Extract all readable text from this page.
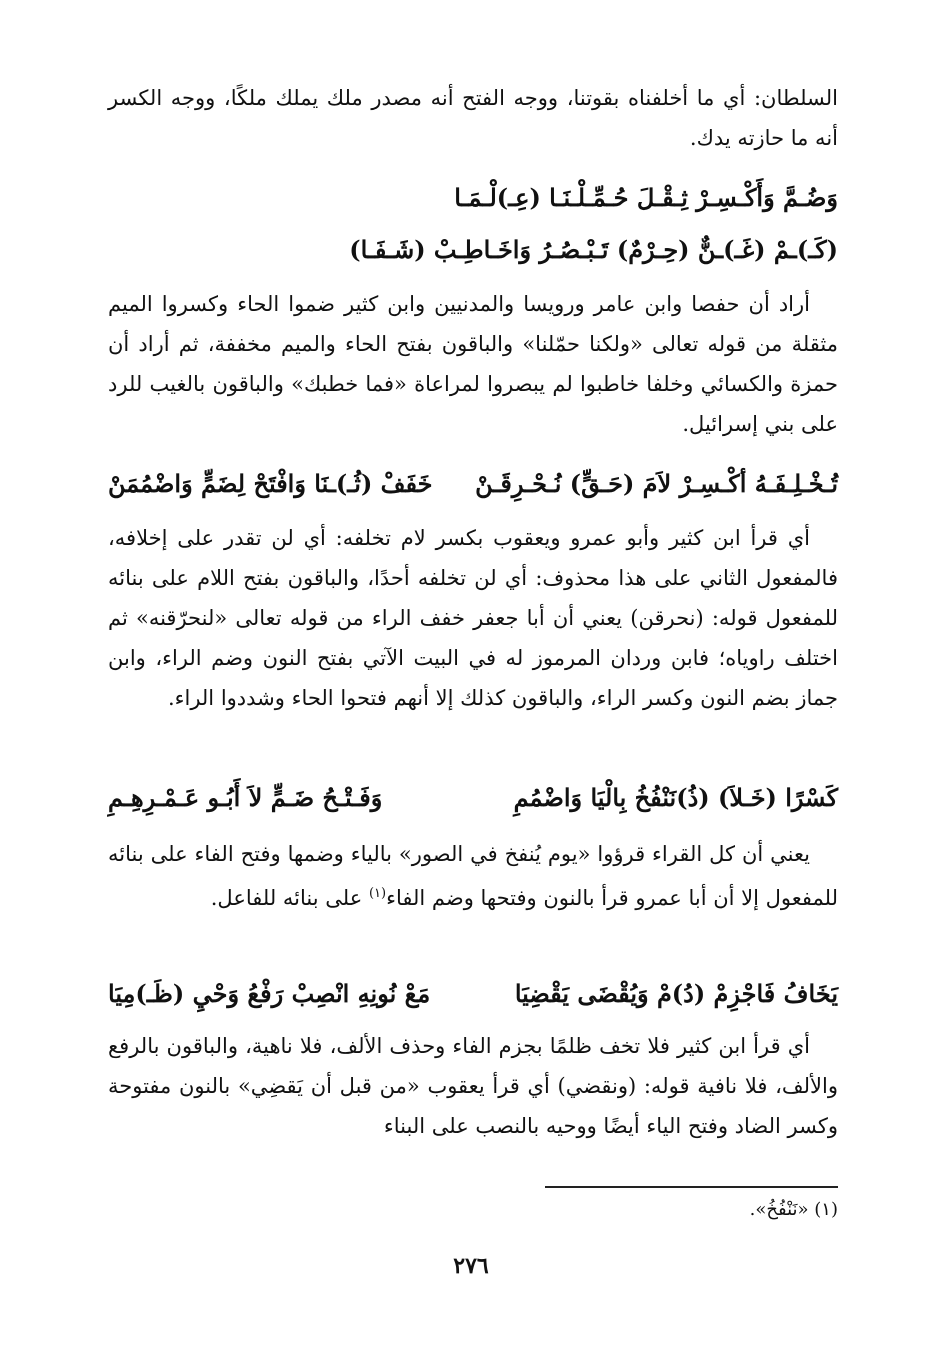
السلطان: أي ما أخلفناه بقوتنا، ووجه الفتح أنه مصدر ملك يملك ملكًا، ووجه الكسر أنه ما حازته يدك.
وَضُـمَّ وَأَكْـسِـرْ ثِـقْـلَ حُـمِّـلْـنَـا (عِـ)لْـمَـا
(كَـ)ـمْ (غَـ)ـنٌّ (حِـرْمٌ) تَـبْـصُـرُ وَاخَـاطِـبْ (شَـفَـا)
أراد أن حفصا وابن عامر ورويسا والمدنيين وابن كثير ضموا الحاء وكسروا الميم مثقلة من قوله تعالى «ولكنا حمّلنا» والباقون بفتح الحاء والميم مخففة، ثم أراد أن حمزة والكسائي وخلفا خاطبوا لم يبصروا لمراعاة «فما خطبك» والباقون بالغيب للرد على بني إسرائيل.
تُـخْـلِـفَـهُ أكْـسِـرْ لاَمَ (حَـقٍّ) نُـحْـرِقَـنْ
خَفَفْ (ثُـ)ـنَا وَافْتَحْ لِضَمٍّ وَاضْمُمَنْ
أي قرأ ابن كثير وأبو عمرو ويعقوب بكسر لام تخلفه: أي لن تقدر على إخلافه، فالمفعول الثاني على هذا محذوف: أي لن تخلفه أحدًا، والباقون بفتح اللام على بنائه للمفعول قوله: (نحرقن) يعني أن أبا جعفر خفف الراء من قوله تعالى «لنحرّقنه» ثم اختلف راوياه؛ فابن وردان المرموز له في البيت الآتي بفتح النون وضم الراء، وابن جماز بضم النون وكسر الراء، والباقون كذلك إلا أنهم فتحوا الحاء وشددوا الراء.
كَسْرًا (خَـلاَ) (ذُ)نَنْفُخُ بِالْيَا وَاضْمُمِ
وَفَـتْـحُ ضَـمٍّ لاَ أَبُـو عَـمْـرِهِـمِ
يعني أن كل القراء قرؤوا «يوم يُنفخ في الصور» بالياء وضمها وفتح الفاء على بنائه للمفعول إلا أن أبا عمرو قرأ بالنون وفتحها وضم الفاء$^{(١)}$ على بنائه للفاعل.
يَخَافُ فَاجْزِمْ (دُ)مْ وَيُقْضَى يَقْضِيَا
مَعْ نُونِهِ انْصِبْ رَفْعُ وَحْيِ (ظَـ)مِيَا
أي قرأ ابن كثير فلا تخف ظلمًا بجزم الفاء وحذف الألف، فلا ناهية، والباقون بالرفع والألف، فلا نافية قوله: (ونقضي) أي قرأ يعقوب «من قبل أن يَقضِي» بالنون مفتوحة وكسر الضاد وفتح الياء أيضًا ووحيه بالنصب على البناء
(١) «نَنْفُخُ».
٢٧٦
